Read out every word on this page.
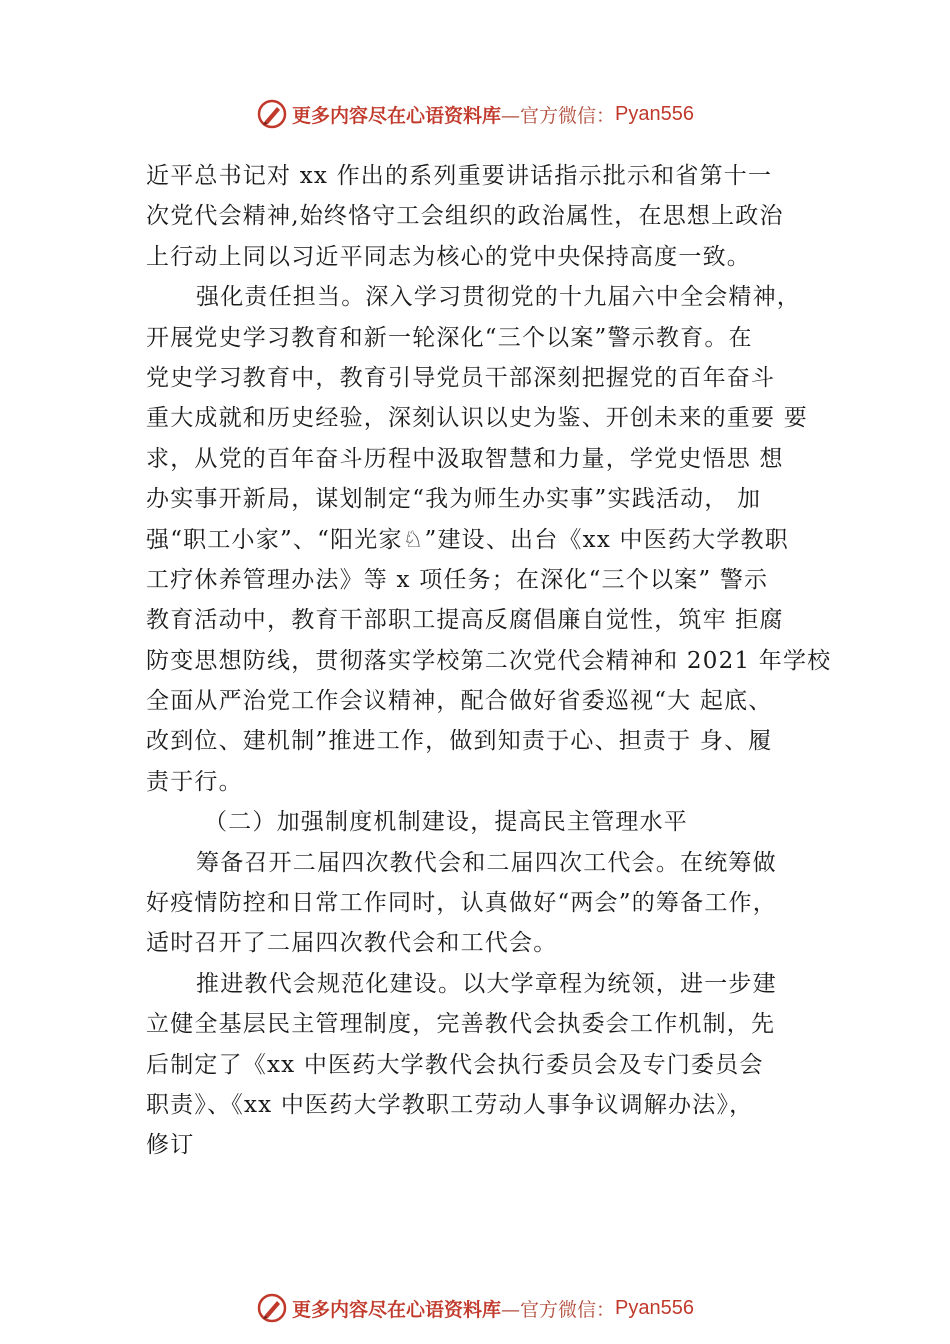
更多内容尽在心语资料库 —官方微信： Pyan556
近平总书记对 xx 作出的系列重要讲话指示批示和省第十一
次党代会精神,始终恪守工会组织的政治属性，在思想上政治
上行动上同以习近平同志为核心的党中央保持高度一致。
强化责任担当。深入学习贯彻党的十九届六中全会精神，
开展党史学习教育和新一轮深化“三个以案”警示教育。在
党史学习教育中，教育引导党员干部深刻把握党的百年奋斗
重大成就和历史经验，深刻认识以史为鉴、开创未来的重要 要
求，从党的百年奋斗历程中汲取智慧和力量，学党史悟思 想
办实事开新局，谋划制定“我为师生办实事”实践活动， 加
强“职工小家”、“阳光家♘”建设、出台《xx 中医药大学教职
工疗休养管理办法》等 x 项任务；在深化“三个以案” 警示
教育活动中，教育干部职工提高反腐倡廉自觉性，筑牢 拒腐
防变思想防线，贯彻落实学校第二次党代会精神和 2021 年学校
全面从严治党工作会议精神，配合做好省委巡视“大 起底、
改到位、建机制”推进工作，做到知责于心、担责于 身、履
责于行。
（二）加强制度机制建设，提高民主管理水平
筹备召开二届四次教代会和二届四次工代会。在统筹做
好疫情防控和日常工作同时，认真做好“两会”的筹备工作，
适时召开了二届四次教代会和工代会。
推进教代会规范化建设。以大学章程为统领，进一步建
立健全基层民主管理制度，完善教代会执委会工作机制，先
后制定了《xx 中医药大学教代会执行委员会及专门委员会
职责》、《xx 中医药大学教职工劳动人事争议调解办法》，
修订
更多内容尽在心语资料库 —官方微信： Pyan556
